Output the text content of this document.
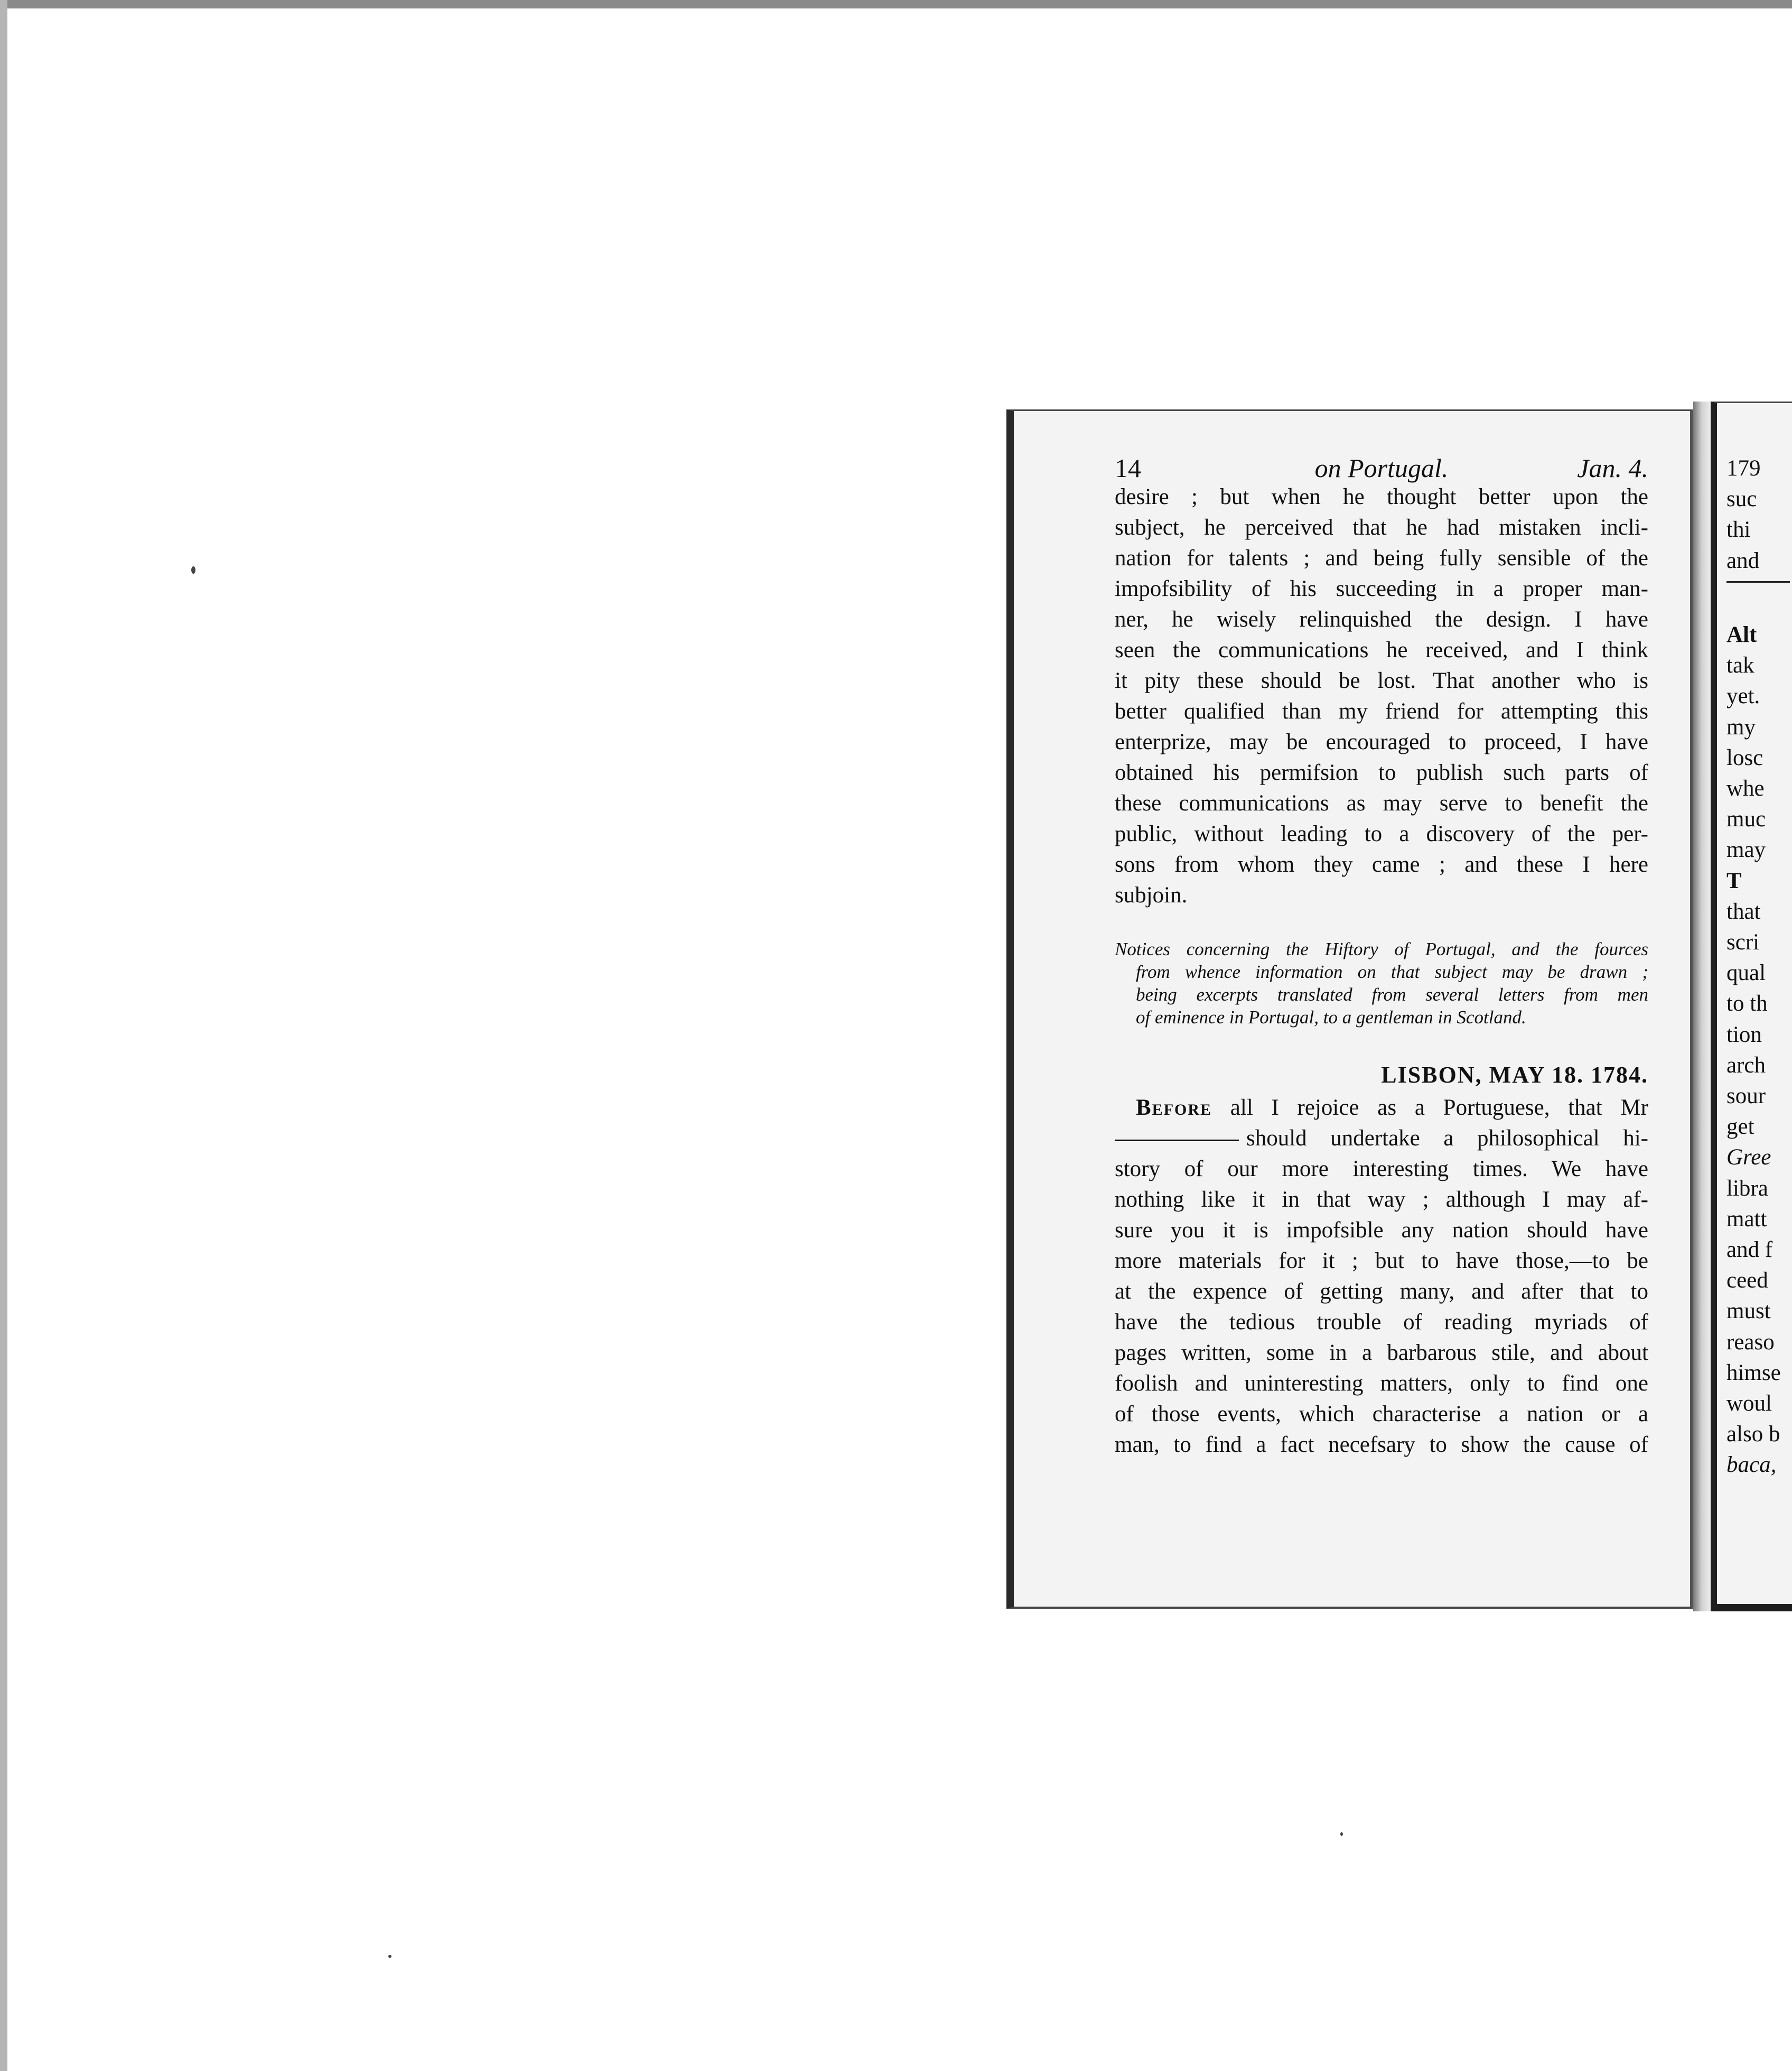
on Portugal.
14	Jan. 4.
desire ; but when he thought better upon the
subject, he perceived that he had mistaken incli-
nation for talents ; and being fully sensible of the
impofsibility of his succeeding in a proper man-
ner, he wisely relinquished the design. I have
seen the communications he received, and I think
it pity these should be lost. That another who is
better qualified than my friend for attempting this
enterprize, may be encouraged to proceed, I have
obtained his permifsion to publish such parts of
these communications as may serve to benefit the
public, without leading to a discovery of the per-
sons from whom they came ; and these I here
subjoin.
Notices concerning the Hiftory of Portugal, and the fources
from whence information on that subject may be drawn ;
being excerpts translated from several letters from men
of eminence in Portugal, to a gentleman in Scotland.
LISBON, MAY 18. 1784.
Before all I rejoice as a Portuguese, that Mr
should undertake a philosophical hi-
story of our more interesting times. We have
nothing like it in that way ; although I may af-
sure you it is impofsible any nation should have
more materials for it ; but to have those,—to be
at the expence of getting many, and after that to
have the tedious trouble of reading myriads of
pages written, some in a barbarous stile, and about
foolish and uninteresting matters, only to find one
of those events, which characterise a nation or a
man, to find a fact necefsary to show the cause of
179
suc
thi
and
Alt
tak
yet.
my
losc
whe
muc
may
T
that
scri
qual
to th
tion
arch
sour
get
Gree
libra
matt
and f
ceed
must
reaso
himse
woul
also b
baca,
